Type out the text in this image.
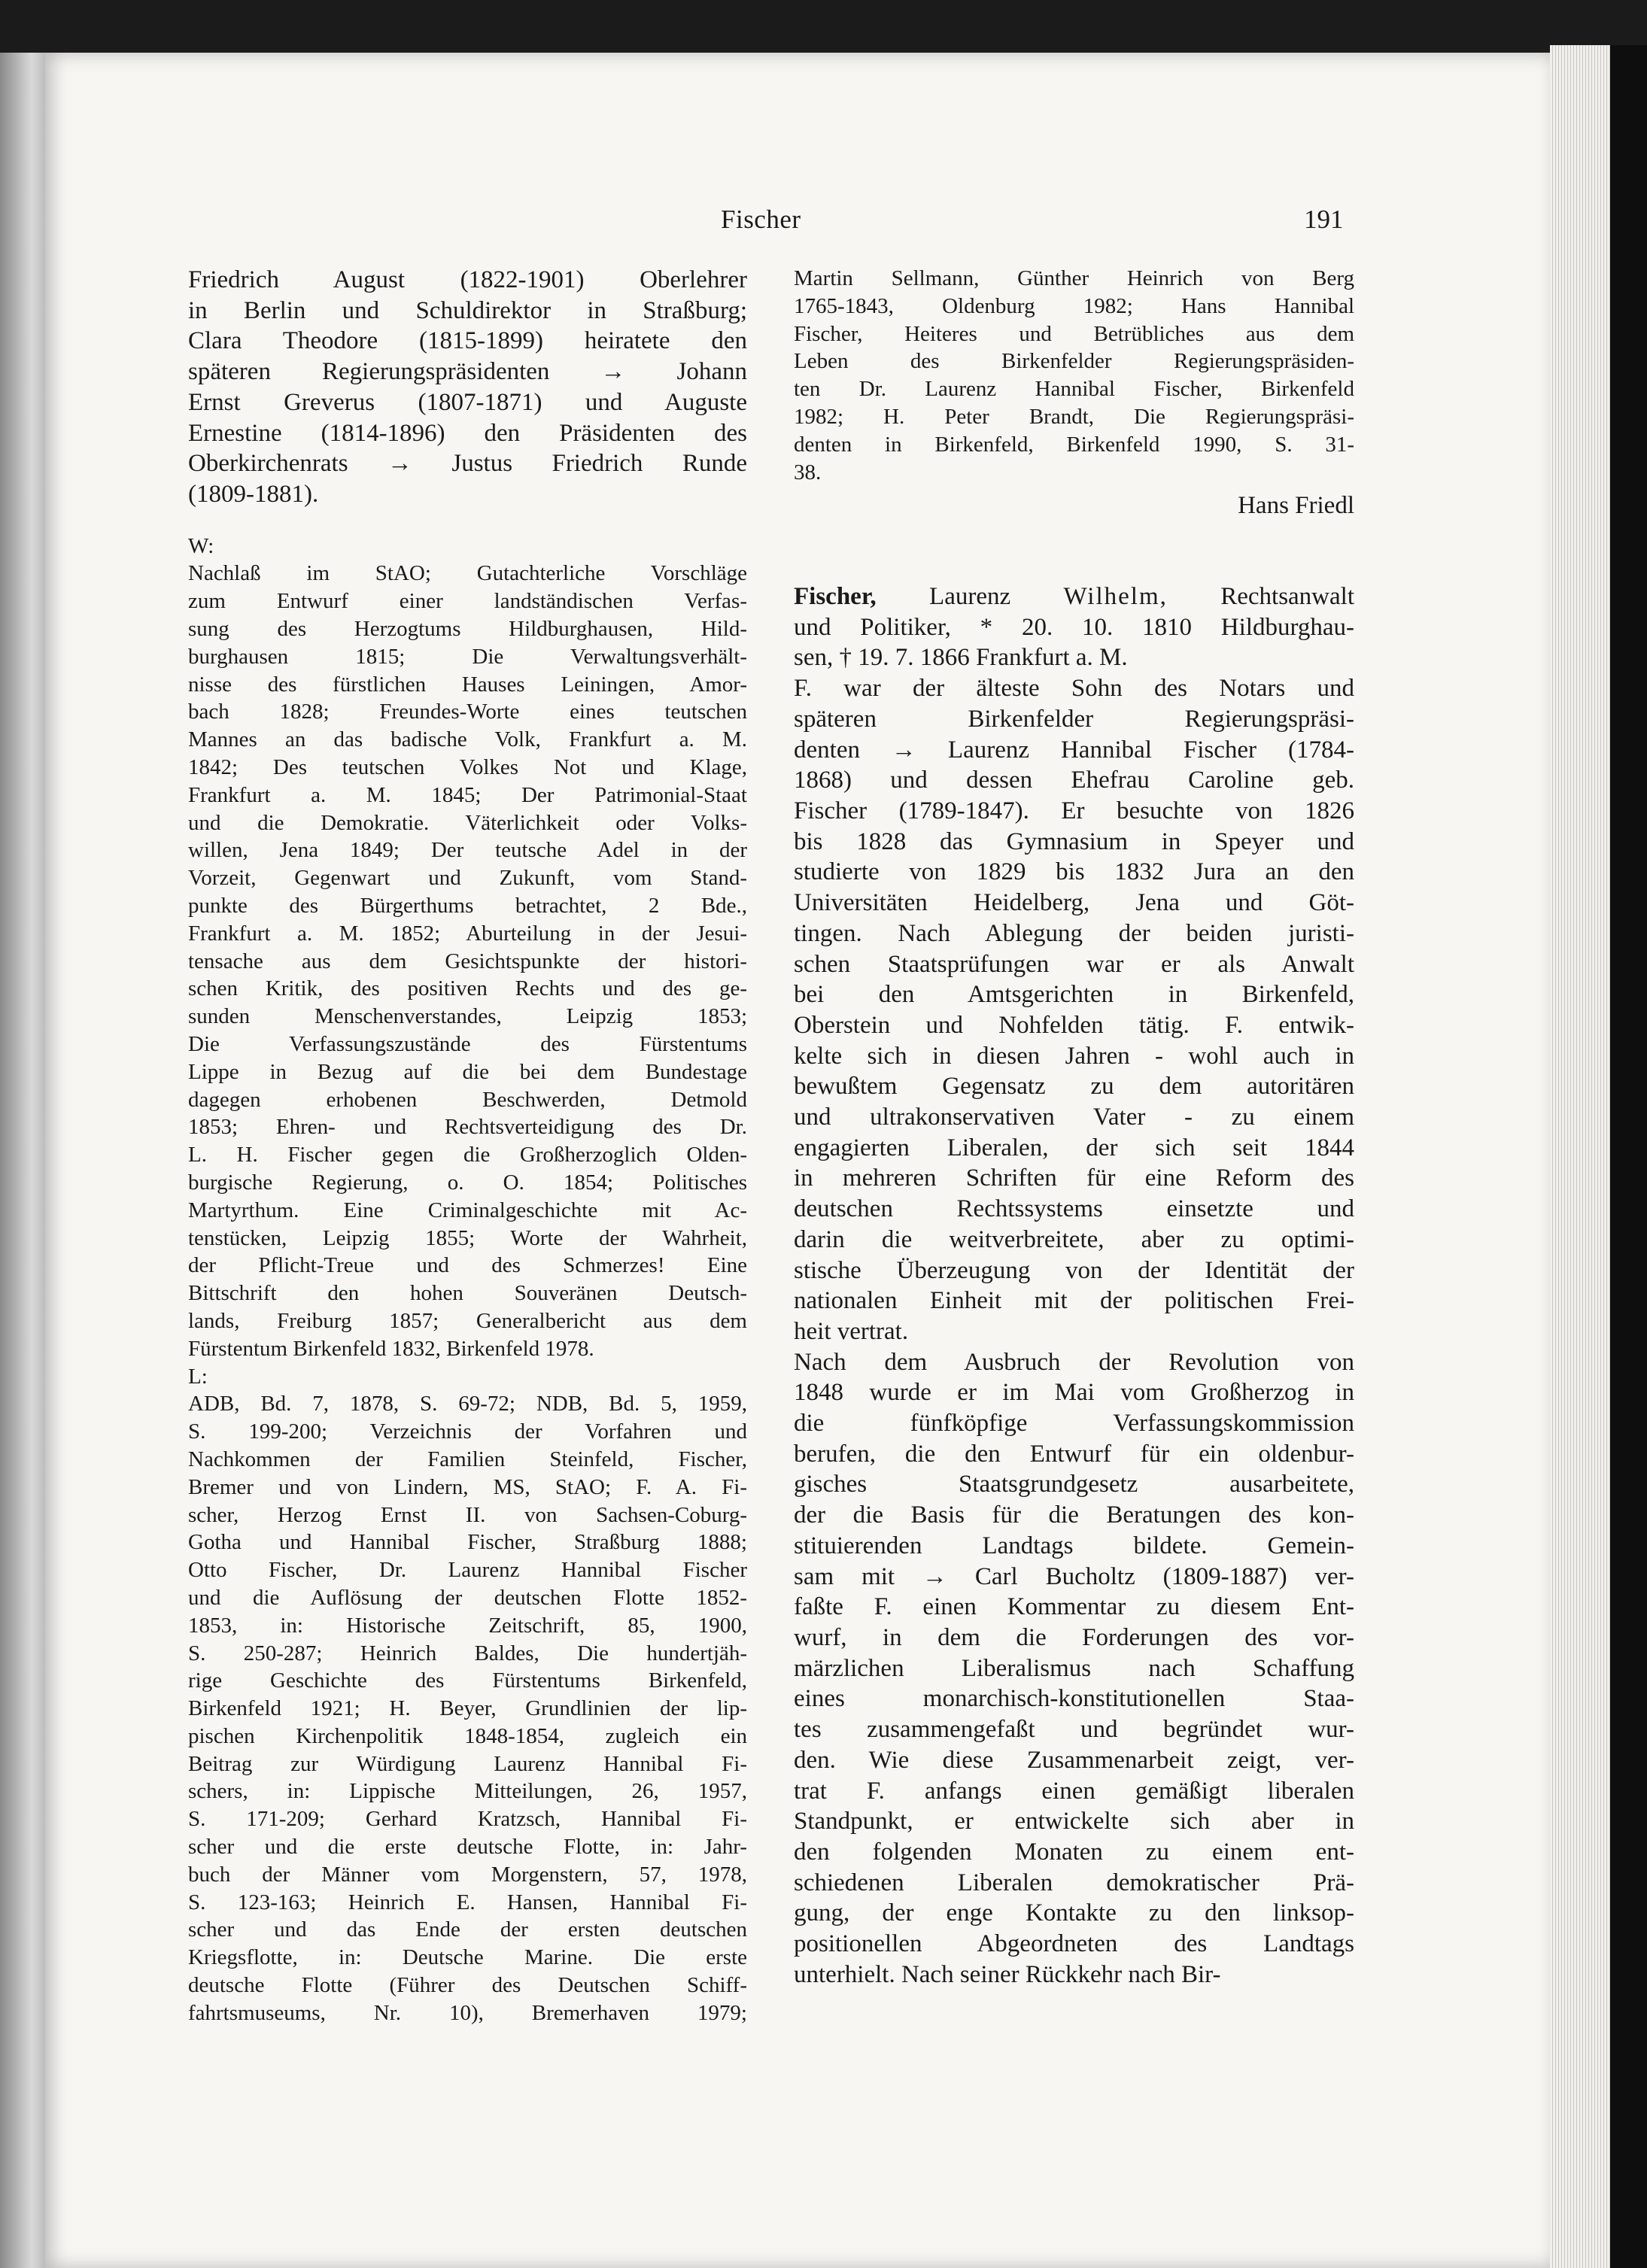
Fischer	191

Friedrich August (1822-1901) Oberlehrer

in Berlin und Schuldirektor in Straßburg;

Clara Theodore (1815-1899) heiratete den

späteren Regierungspräsidenten → Johann

Ernst Greverus (1807-1871) und Auguste

Ernestine (1814-1896) den Präsidenten des

Oberkirchenrats → Justus Friedrich Runde

(1809-1881).

W:

Nachlaß im StAO; Gutachterliche Vorschläge

zum Entwurf einer landständischen Verfas-

sung des Herzogtums Hildburghausen, Hild-

burghausen 1815; Die Verwaltungsverhält-

nisse des fürstlichen Hauses Leiningen, Amor-

bach 1828; Freundes-Worte eines teutschen

Mannes an das badische Volk, Frankfurt a. M.

1842; Des teutschen Volkes Not und Klage,

Frankfurt a. M. 1845; Der Patrimonial-Staat

und die Demokratie. Väterlichkeit oder Volks-

willen, Jena 1849; Der teutsche Adel in der

Vorzeit, Gegenwart und Zukunft, vom Stand-

punkte des Bürgerthums betrachtet, 2 Bde.,

Frankfurt a. M. 1852; Aburteilung in der Jesui-

tensache aus dem Gesichtspunkte der histori-

schen Kritik, des positiven Rechts und des ge-

sunden Menschenverstandes, Leipzig 1853;

Die Verfassungszustände des Fürstentums

Lippe in Bezug auf die bei dem Bundestage

dagegen erhobenen Beschwerden, Detmold

1853; Ehren- und Rechtsverteidigung des Dr.

L. H. Fischer gegen die Großherzoglich Olden-

burgische Regierung, o. O. 1854; Politisches

Martyrthum. Eine Criminalgeschichte mit Ac-

tenstücken, Leipzig 1855; Worte der Wahrheit,

der Pflicht-Treue und des Schmerzes! Eine

Bittschrift den hohen Souveränen Deutsch-

lands, Freiburg 1857; Generalbericht aus dem

Fürstentum Birkenfeld 1832, Birkenfeld 1978.

L:

ADB, Bd. 7, 1878, S. 69-72; NDB, Bd. 5, 1959,

S. 199-200; Verzeichnis der Vorfahren und

Nachkommen der Familien Steinfeld, Fischer,

Bremer und von Lindern, MS, StAO; F. A. Fi-

scher, Herzog Ernst II. von Sachsen-Coburg-

Gotha und Hannibal Fischer, Straßburg 1888;

Otto Fischer, Dr. Laurenz Hannibal Fischer

und die Auflösung der deutschen Flotte 1852-

1853, in: Historische Zeitschrift, 85, 1900,

S. 250-287; Heinrich Baldes, Die hundertjäh-

rige Geschichte des Fürstentums Birkenfeld,

Birkenfeld 1921; H. Beyer, Grundlinien der lip-

pischen Kirchenpolitik 1848-1854, zugleich ein

Beitrag zur Würdigung Laurenz Hannibal Fi-

schers, in: Lippische Mitteilungen, 26, 1957,

S. 171-209; Gerhard Kratzsch, Hannibal Fi-

scher und die erste deutsche Flotte, in: Jahr-

buch der Männer vom Morgenstern, 57, 1978,

S. 123-163; Heinrich E. Hansen, Hannibal Fi-

scher und das Ende der ersten deutschen

Kriegsflotte, in: Deutsche Marine. Die erste

deutsche Flotte (Führer des Deutschen Schiff-

fahrtsmuseums, Nr. 10), Bremerhaven 1979;

Martin Sellmann, Günther Heinrich von Berg

1765-1843, Oldenburg 1982; Hans Hannibal

Fischer, Heiteres und Betrübliches aus dem

Leben des Birkenfelder Regierungspräsiden-

ten Dr. Laurenz Hannibal Fischer, Birkenfeld

1982; H. Peter Brandt, Die Regierungspräsi-

denten in Birkenfeld, Birkenfeld 1990, S. 31-

38.

Hans Friedl

Fischer, Laurenz Wilhelm, Rechtsanwalt

und Politiker, * 20. 10. 1810 Hildburghau-

sen, † 19. 7. 1866 Frankfurt a. M.

F. war der älteste Sohn des Notars und

späteren Birkenfelder Regierungspräsi-

denten → Laurenz Hannibal Fischer (1784-

1868) und dessen Ehefrau Caroline geb.

Fischer (1789-1847). Er besuchte von 1826

bis 1828 das Gymnasium in Speyer und

studierte von 1829 bis 1832 Jura an den

Universitäten Heidelberg, Jena und Göt-

tingen. Nach Ablegung der beiden juristi-

schen Staatsprüfungen war er als Anwalt

bei den Amtsgerichten in Birkenfeld,

Oberstein und Nohfelden tätig. F. entwik-

kelte sich in diesen Jahren - wohl auch in

bewußtem Gegensatz zu dem autoritären

und ultrakonservativen Vater - zu einem

engagierten Liberalen, der sich seit 1844

in mehreren Schriften für eine Reform des

deutschen Rechtssystems einsetzte und

darin die weitverbreitete, aber zu optimi-

stische Überzeugung von der Identität der

nationalen Einheit mit der politischen Frei-

heit vertrat.

Nach dem Ausbruch der Revolution von

1848 wurde er im Mai vom Großherzog in

die fünfköpfige Verfassungskommission

berufen, die den Entwurf für ein oldenbur-

gisches Staatsgrundgesetz ausarbeitete,

der die Basis für die Beratungen des kon-

stituierenden Landtags bildete. Gemein-

sam mit → Carl Bucholtz (1809-1887) ver-

faßte F. einen Kommentar zu diesem Ent-

wurf, in dem die Forderungen des vor-

märzlichen Liberalismus nach Schaffung

eines monarchisch-konstitutionellen Staa-

tes zusammengefaßt und begründet wur-

den. Wie diese Zusammenarbeit zeigt, ver-

trat F. anfangs einen gemäßigt liberalen

Standpunkt, er entwickelte sich aber in

den folgenden Monaten zu einem ent-

schiedenen Liberalen demokratischer Prä-

gung, der enge Kontakte zu den linksop-

positionellen Abgeordneten des Landtags

unterhielt. Nach seiner Rückkehr nach Bir-
